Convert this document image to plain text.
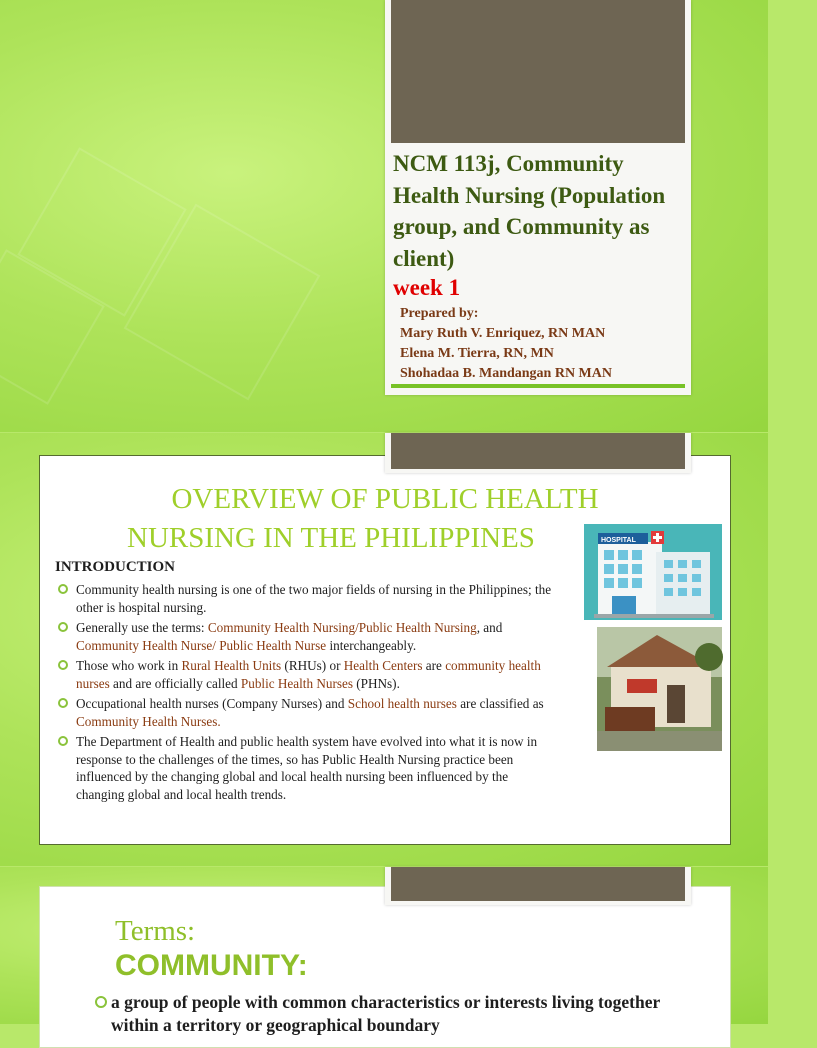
NCM 113j, Community Health Nursing (Population group, and Community as client)
week 1
Prepared by:
Mary Ruth V. Enriquez, RN MAN
Elena M. Tierra, RN, MN
Shohadaa B. Mandangan RN MAN
OVERVIEW OF PUBLIC HEALTH
NURSING IN THE PHILIPPINES
INTRODUCTION
Community health nursing is one of the two major fields of nursing in the Philippines; the other is hospital nursing.
Generally use the terms: Community Health Nursing/Public Health Nursing, and Community Health Nurse/ Public Health Nurse interchangeably.
Those who work in Rural Health Units (RHUs) or Health Centers are community health nurses and are officially called Public Health Nurses (PHNs).
Occupational health nurses (Company Nurses) and School health nurses are classified as Community Health Nurses.
The Department of Health and public health system have evolved into what it is now in response to the challenges of the times, so has Public Health Nursing practice been influenced by the changing global and local health nursing been influenced by the changing global and local health trends.
HOSPITAL
Terms:
COMMUNITY:
a group of people with common characteristics or interests living together within a territory or geographical boundary
